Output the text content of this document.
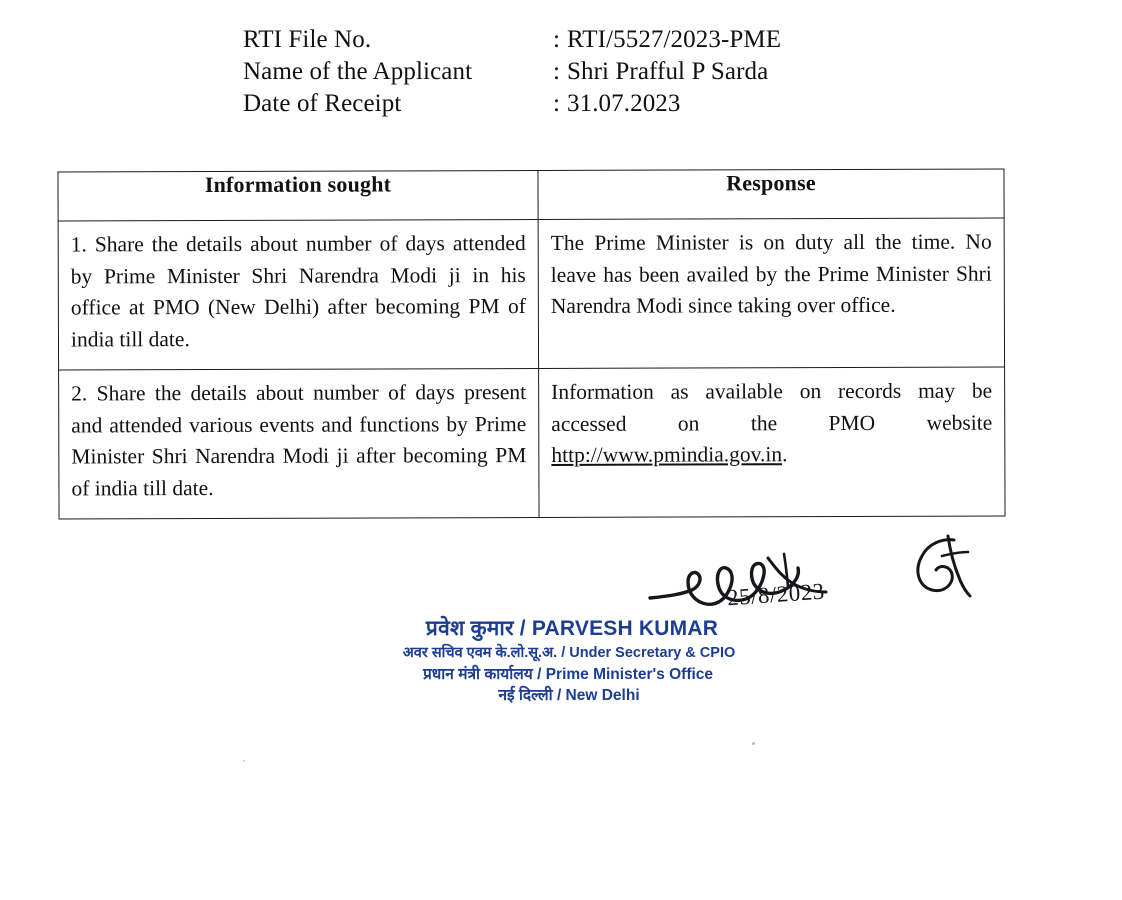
RTI File No.	: RTI/5527/2023-PME
Name of the Applicant	: Shri Prafful P Sarda
Date of Receipt	: 31.07.2023
Information sought	Response

1. Share the details about number of days attended by Prime Minister Shri Narendra Modi ji in his office at PMO (New Delhi) after becoming PM of india till date.	The Prime Minister is on duty all the time. No leave has been availed by the Prime Minister Shri Narendra Modi since taking over office.

2. Share the details about number of days present and attended various events and functions by Prime Minister Shri Narendra Modi ji after becoming PM of india till date.	Information as available on records may be accessed on the PMO website http://www.pmindia.gov.in.
25/8/2023
प्रवेश कुमार / PARVESH KUMAR
अवर सचिव एवम के.लो.सू.अ. / Under Secretary & CPIO
प्रधान मंत्री कार्यालय / Prime Minister's Office
नई दिल्ली / New Delhi
